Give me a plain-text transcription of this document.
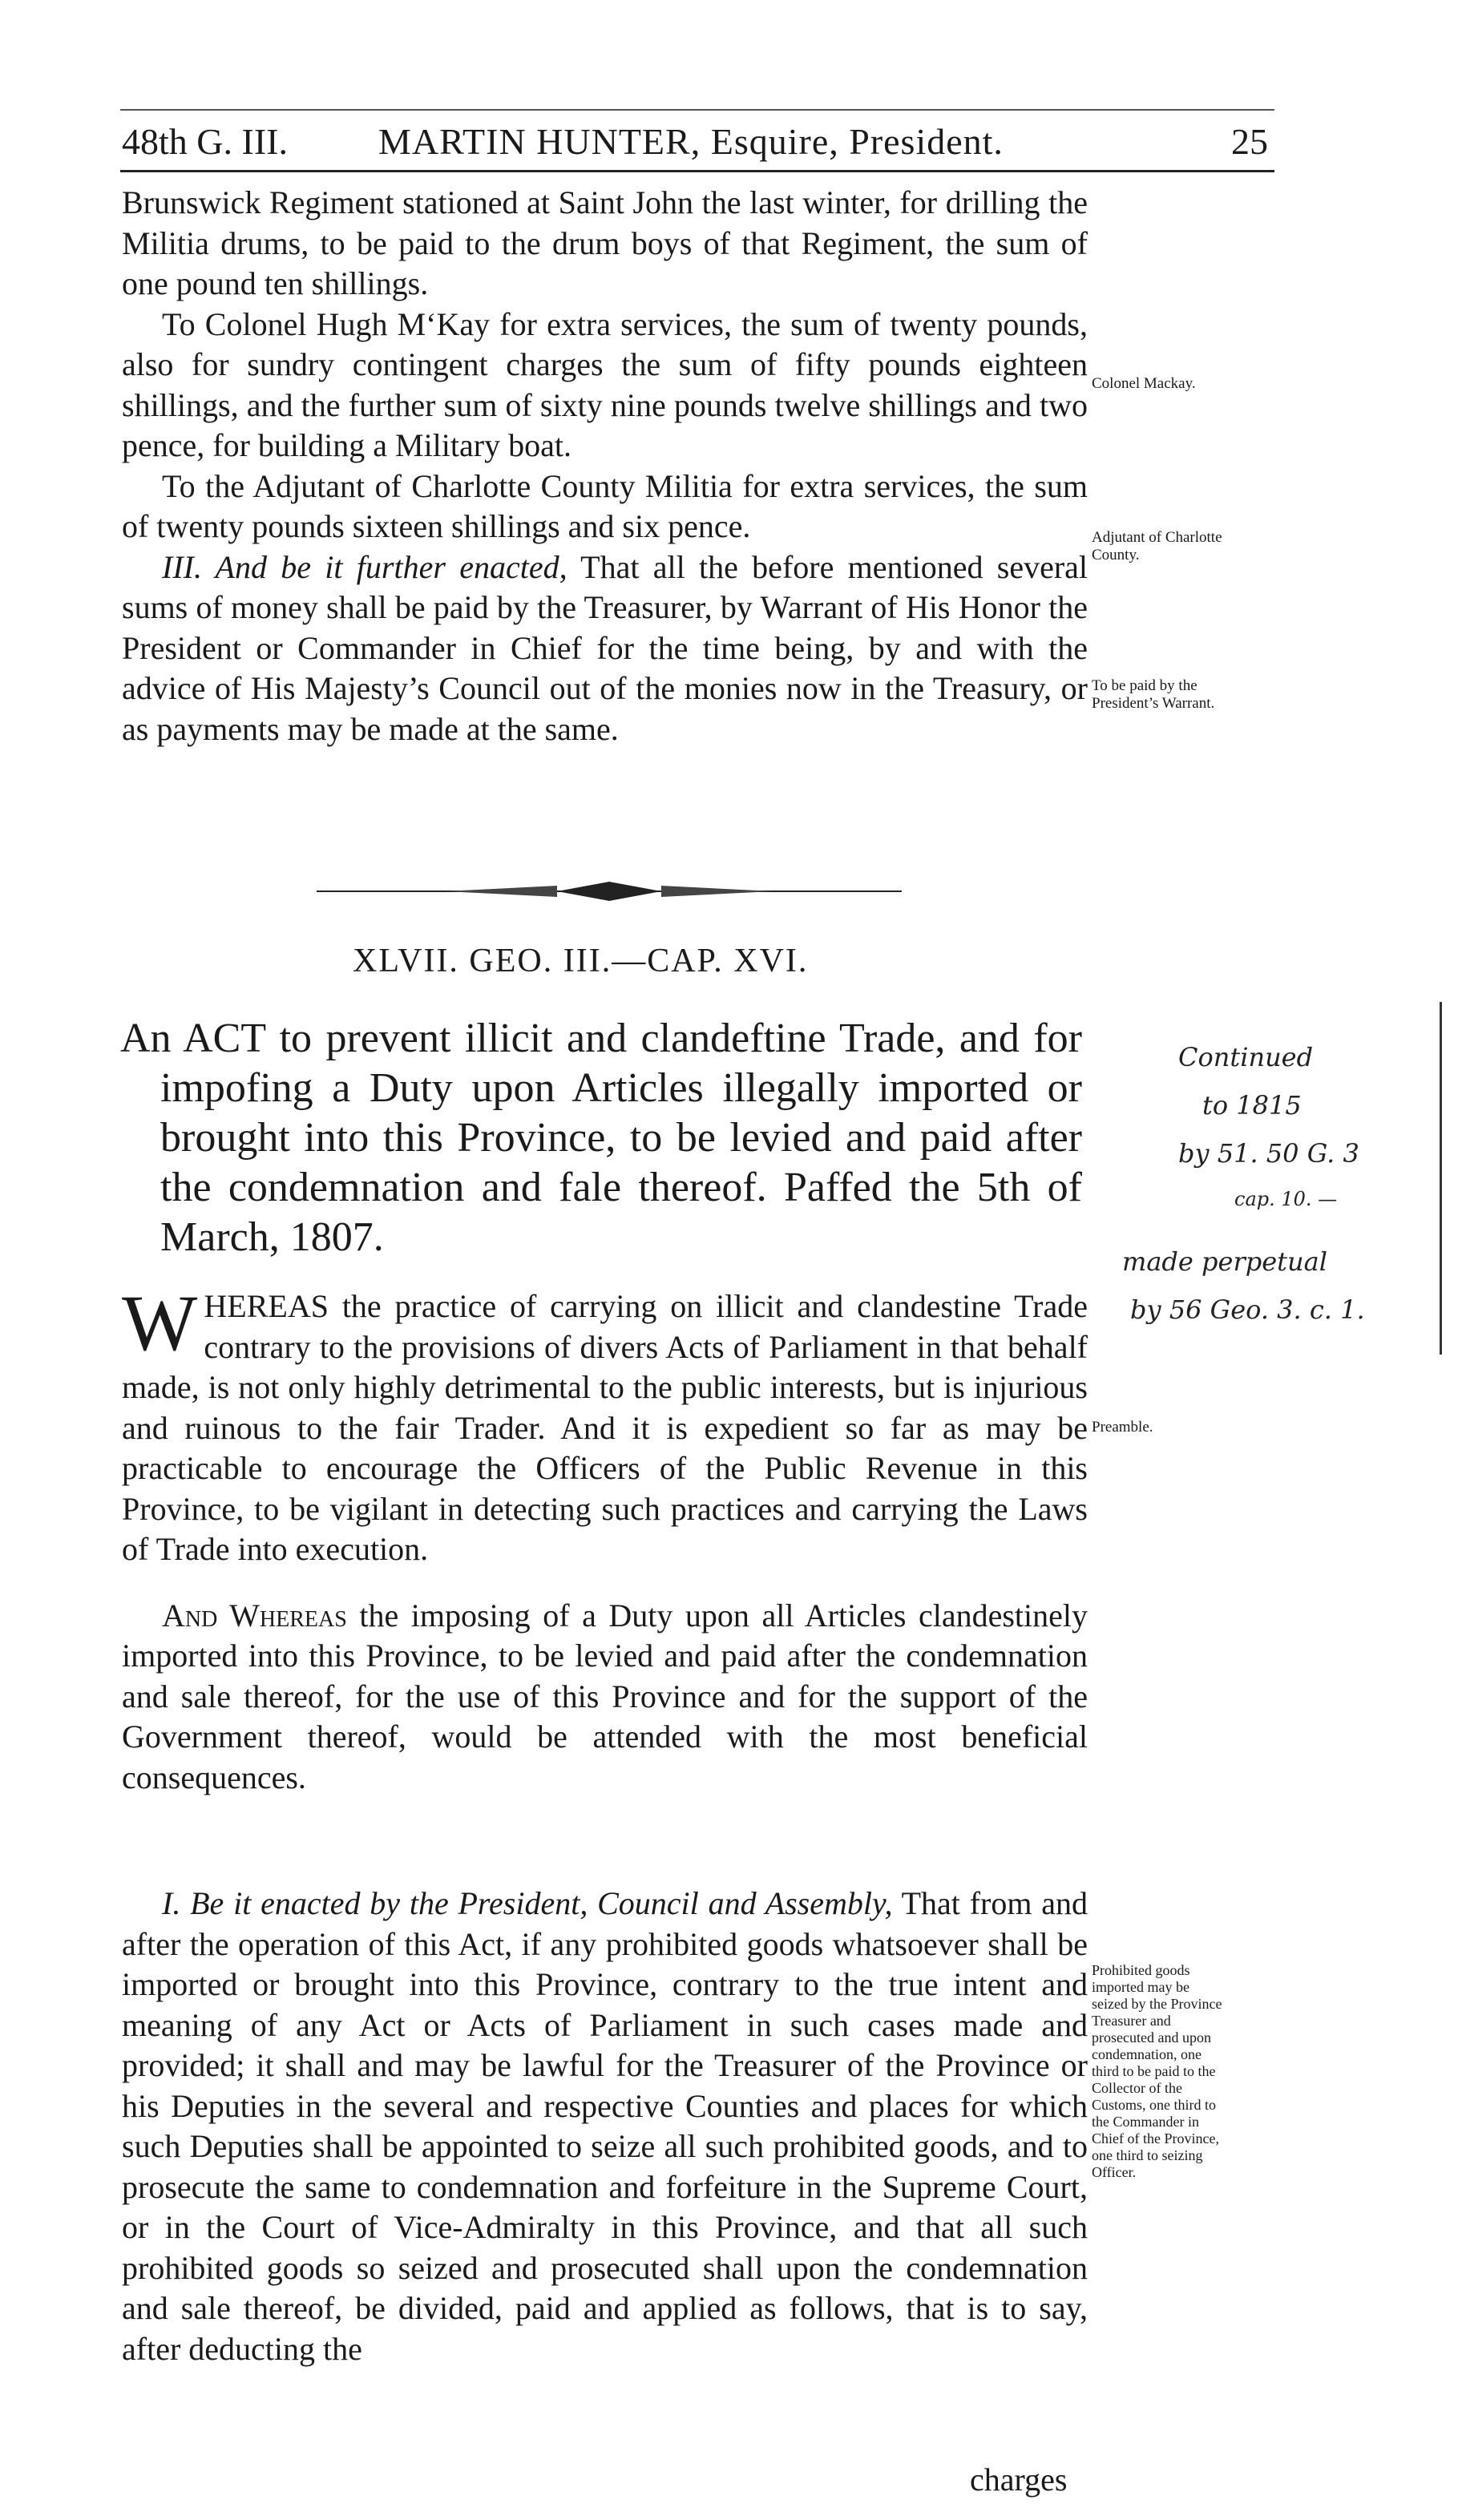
48th G. III. MARTIN HUNTER, Esquire, President.	25

Brunswick Regiment stationed at Saint John the last winter, for drilling the Militia drums, to be paid to the drum boys of that Regiment, the sum of one pound ten shillings.

To Colonel Hugh M‘Kay for extra services, the sum of twenty pounds, also for sundry contingent charges the sum of fifty pounds eighteen shillings, and the further sum of sixty nine pounds twelve shillings and two pence, for building a Military boat.

To the Adjutant of Charlotte County Militia for extra services, the sum of twenty pounds sixteen shillings and six pence.

III. And be it further enacted, That all the before mentioned several sums of money shall be paid by the Treasurer, by Warrant of His Honor the President or Commander in Chief for the time being, by and with the advice of His Majesty’s Council out of the monies now in the Treasury, or as payments may be made at the same.

Colonel Mackay.
Adjutant of Charlotte County.
To be paid by the President’s Warrant.
XLVII. GEO. III.—CAP. XVI.

An ACT to prevent illicit and clandeftine Trade, and for impofing a Duty upon Articles illegally imported or brought into this Province, to be levied and paid after the condemnation and fale thereof. Paffed the 5th of March, 1807.

Continued
to 1815
by 51. 50 G. 3
cap. 10. —
made perpetual
by 56 Geo. 3. c. 1.

WHEREAS the practice of carrying on illicit and clandestine Trade contrary to the provisions of divers Acts of Parliament in that behalf made, is not only highly detrimental to the public interests, but is injurious and ruinous to the fair Trader. And it is expedient so far as may be practicable to encourage the Officers of the Public Revenue in this Province, to be vigilant in detecting such practices and carrying the Laws of Trade into execution.

And Whereas the imposing of a Duty upon all Articles clandestinely imported into this Province, to be levied and paid after the condemnation and sale thereof, for the use of this Province and for the support of the Government thereof, would be attended with the most beneficial consequences.

Preamble.

I. Be it enacted by the President, Council and Assembly, That from and after the operation of this Act, if any prohibited goods whatsoever shall be imported or brought into this Province, contrary to the true intent and meaning of any Act or Acts of Parliament in such cases made and provided; it shall and may be lawful for the Treasurer of the Province or his Deputies in the several and respective Counties and places for which such Deputies shall be appointed to seize all such prohibited goods, and to prosecute the same to condemnation and forfeiture in the Supreme Court, or in the Court of Vice-Admiralty in this Province, and that all such prohibited goods so seized and prosecuted shall upon the condemnation and sale thereof, be divided, paid and applied as follows, that is to say, after deducting the

Prohibited goods imported may be seized by the Province Treasurer and prosecuted and upon condemnation, one third to be paid to the Collector of the Customs, one third to the Commander in Chief of the Province, one third to seizing Officer.
charges
